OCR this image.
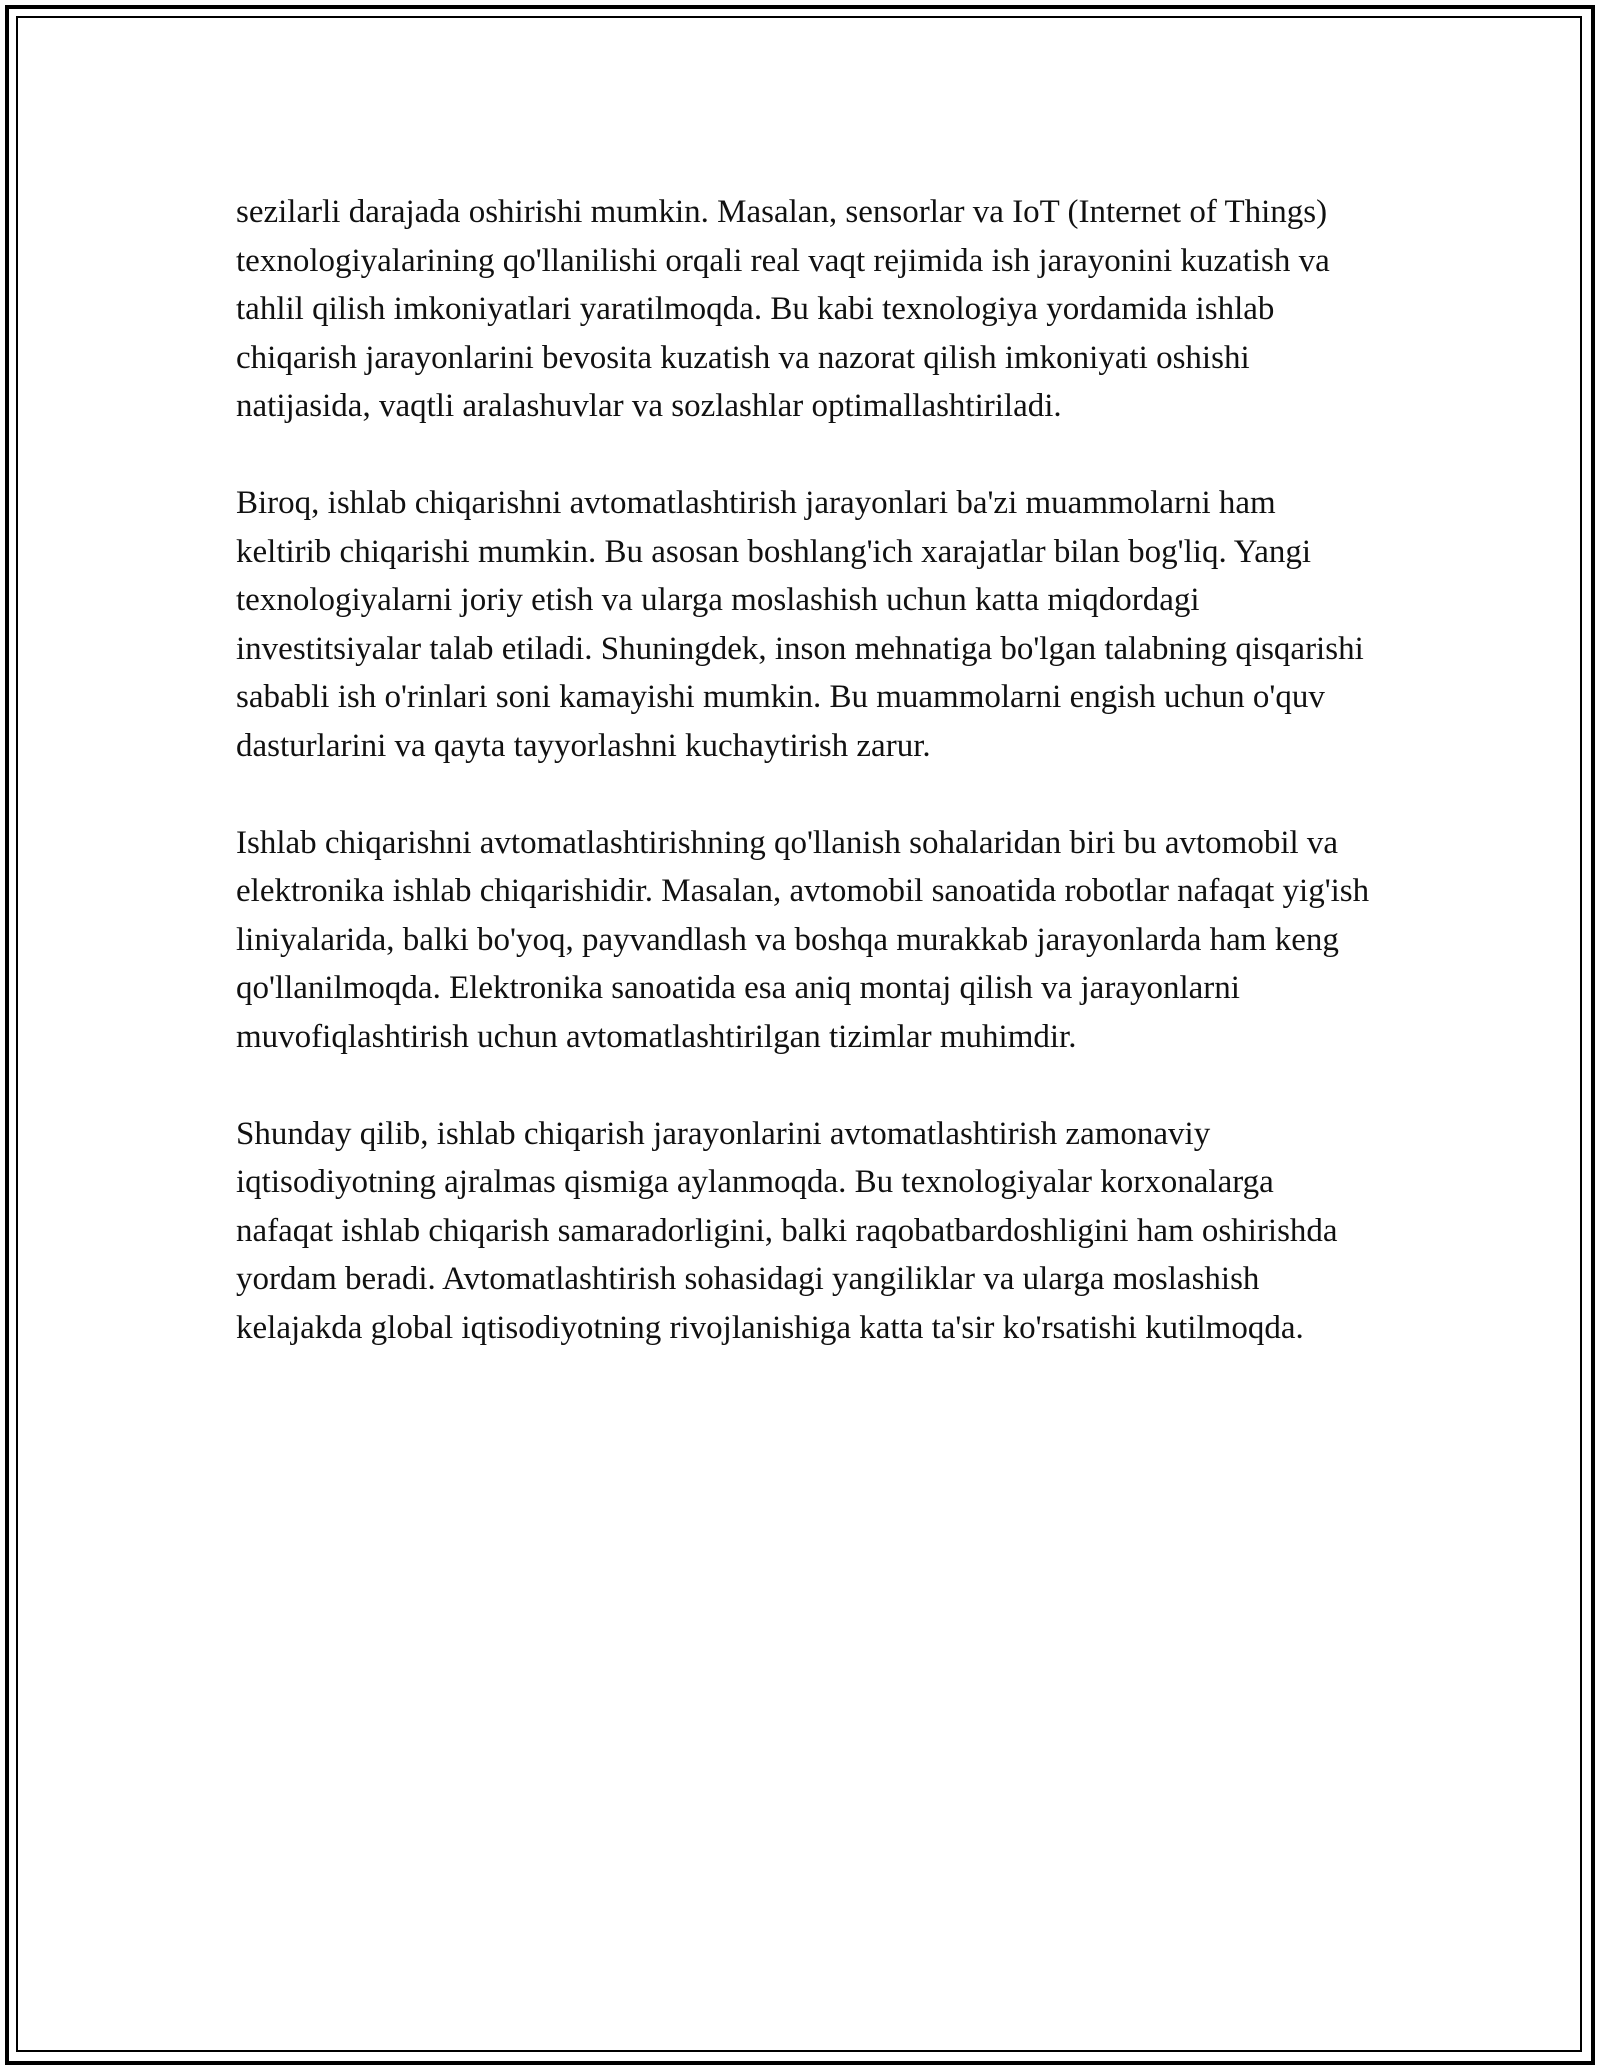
sezilarli darajada oshirishi mumkin. Masalan, sensorlar va IoT (Internet of Things) texnologiyalarining qo'llanilishi orqali real vaqt rejimida ish jarayonini kuzatish va tahlil qilish imkoniyatlari yaratilmoqda. Bu kabi texnologiya yordamida ishlab chiqarish jarayonlarini bevosita kuzatish va nazorat qilish imkoniyati oshishi natijasida, vaqtli aralashuvlar va sozlashlar optimallashtiriladi.

Biroq, ishlab chiqarishni avtomatlashtirish jarayonlari ba'zi muammolarni ham keltirib chiqarishi mumkin. Bu asosan boshlang'ich xarajatlar bilan bog'liq. Yangi texnologiyalarni joriy etish va ularga moslashish uchun katta miqdordagi investitsiyalar talab etiladi. Shuningdek, inson mehnatiga bo'lgan talabning qisqarishi sababli ish o'rinlari soni kamayishi mumkin. Bu muammolarni engish uchun o'quv dasturlarini va qayta tayyorlashni kuchaytirish zarur.

Ishlab chiqarishni avtomatlashtirishning qo'llanish sohalaridan biri bu avtomobil va elektronika ishlab chiqarishidir. Masalan, avtomobil sanoatida robotlar nafaqat yig'ish liniyalarida, balki bo'yoq, payvandlash va boshqa murakkab jarayonlarda ham keng qo'llanilmoqda. Elektronika sanoatida esa aniq montaj qilish va jarayonlarni muvofiqlashtirish uchun avtomatlashtirilgan tizimlar muhimdir.

Shunday qilib, ishlab chiqarish jarayonlarini avtomatlashtirish zamonaviy iqtisodiyotning ajralmas qismiga aylanmoqda. Bu texnologiyalar korxonalarga nafaqat ishlab chiqarish samaradorligini, balki raqobatbardoshligini ham oshirishda yordam beradi. Avtomatlashtirish sohasidagi yangiliklar va ularga moslashish kelajakda global iqtisodiyotning rivojlanishiga katta ta'sir ko'rsatishi kutilmoqda.
